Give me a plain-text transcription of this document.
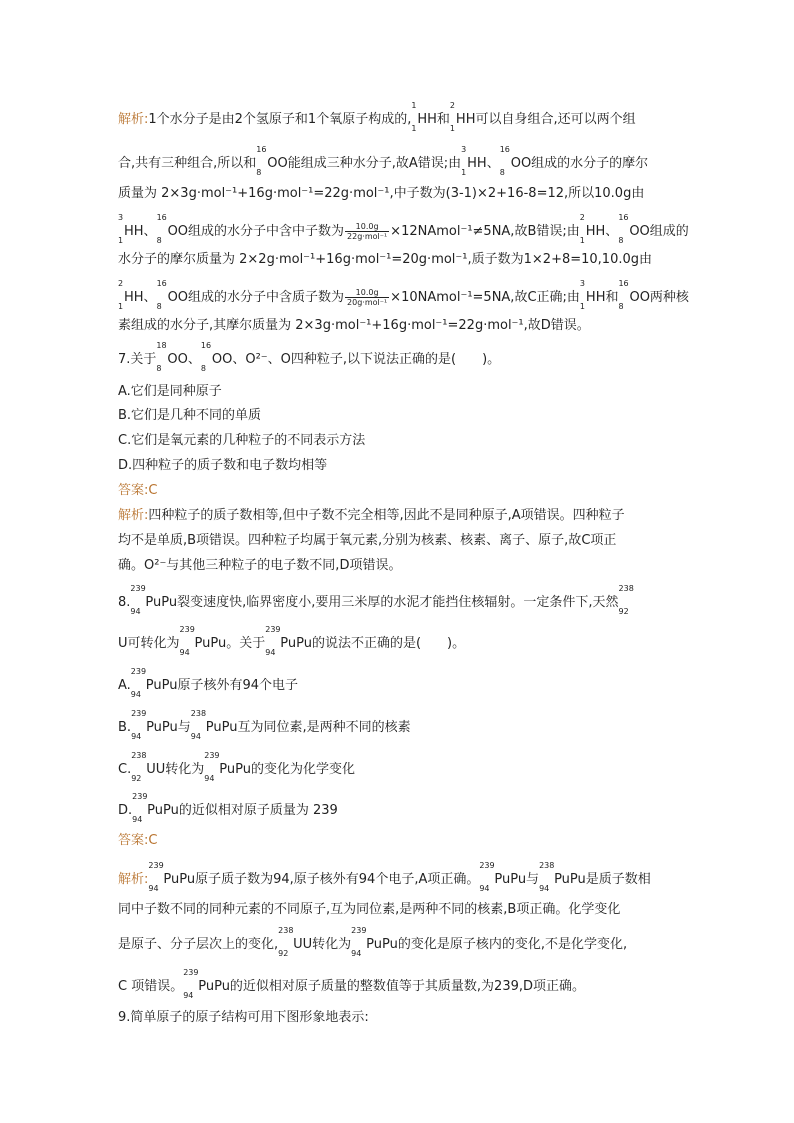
解析:1个水分子是由2个氢原子和1个氧原子构成的,
1
1
HH和
2
1
HH可以自身组合,还可以两个组
合,共有三种组合,所以和
16
8
OO能组成三种水分子,故A错误;由
3
1
HH、
16
8
OO组成的水分子的摩尔
质量为 2×3g·mol⁻¹+16g·mol⁻¹=22g·mol⁻¹,中子数为(3-1)×2+16-8=12,所以10.0g由
3
1
HH、
16
8
OO组成的水分子中含中子数为 $\frac{10.0g}{\text{22g·mol⁻¹}}$ ×12NAmol⁻¹≠5NA,故B错误;由
2
1
HH、
16
8
OO组成的
水分子的摩尔质量为 2×2g·mol⁻¹+16g·mol⁻¹=20g·mol⁻¹,质子数为1×2+8=10,10.0g由
2
1
HH、
16
8
OO组成的水分子中含质子数为 $\frac{10.0g}{\text{20g·mol⁻¹}}$ ×10NAmol⁻¹=5NA,故C正确;由
3
1
HH和
16
8
OO两种核
素组成的水分子,其摩尔质量为 2×3g·mol⁻¹+16g·mol⁻¹=22g·mol⁻¹,故D错误。
7.关于
18
8
OO、
16
8
OO、O²⁻、O四种粒子,以下说法正确的是(　　)。
A.它们是同种原子
B.它们是几种不同的单质
C.它们是氧元素的几种粒子的不同表示方法
D.四种粒子的质子数和电子数均相等
答案:C
解析:四种粒子的质子数相等,但中子数不完全相等,因此不是同种原子,A项错误。四种粒子
均不是单质,B项错误。四种粒子均属于氧元素,分别为核素、核素、离子、原子,故C项正
确。O²⁻与其他三种粒子的电子数不同,D项错误。
8.
239
94
PuPu裂变速度快,临界密度小,要用三米厚的水泥才能挡住核辐射。一定条件下,天然
238
92
U可转化为
239
94
PuPu。关于
239
94
PuPu的说法不正确的是(　　)。
A.
239
94
PuPu原子核外有94个电子
B.
239
94
PuPu与
238
94
PuPu互为同位素,是两种不同的核素
C.
238
92
UU转化为
239
94
PuPu的变化为化学变化
D.
239
94
PuPu的近似相对原子质量为 239
答案:C
解析:
239
94
PuPu原子质子数为94,原子核外有94个电子,A项正确。
239
94
PuPu与
238
94
PuPu是质子数相
同中子数不同的同种元素的不同原子,互为同位素,是两种不同的核素,B项正确。化学变化
是原子、分子层次上的变化,
238
92
UU转化为
239
94
PuPu的变化是原子核内的变化,不是化学变化,
C 项错误。
239
94
PuPu的近似相对原子质量的整数值等于其质量数,为239,D项正确。
9.简单原子的原子结构可用下图形象地表示:
